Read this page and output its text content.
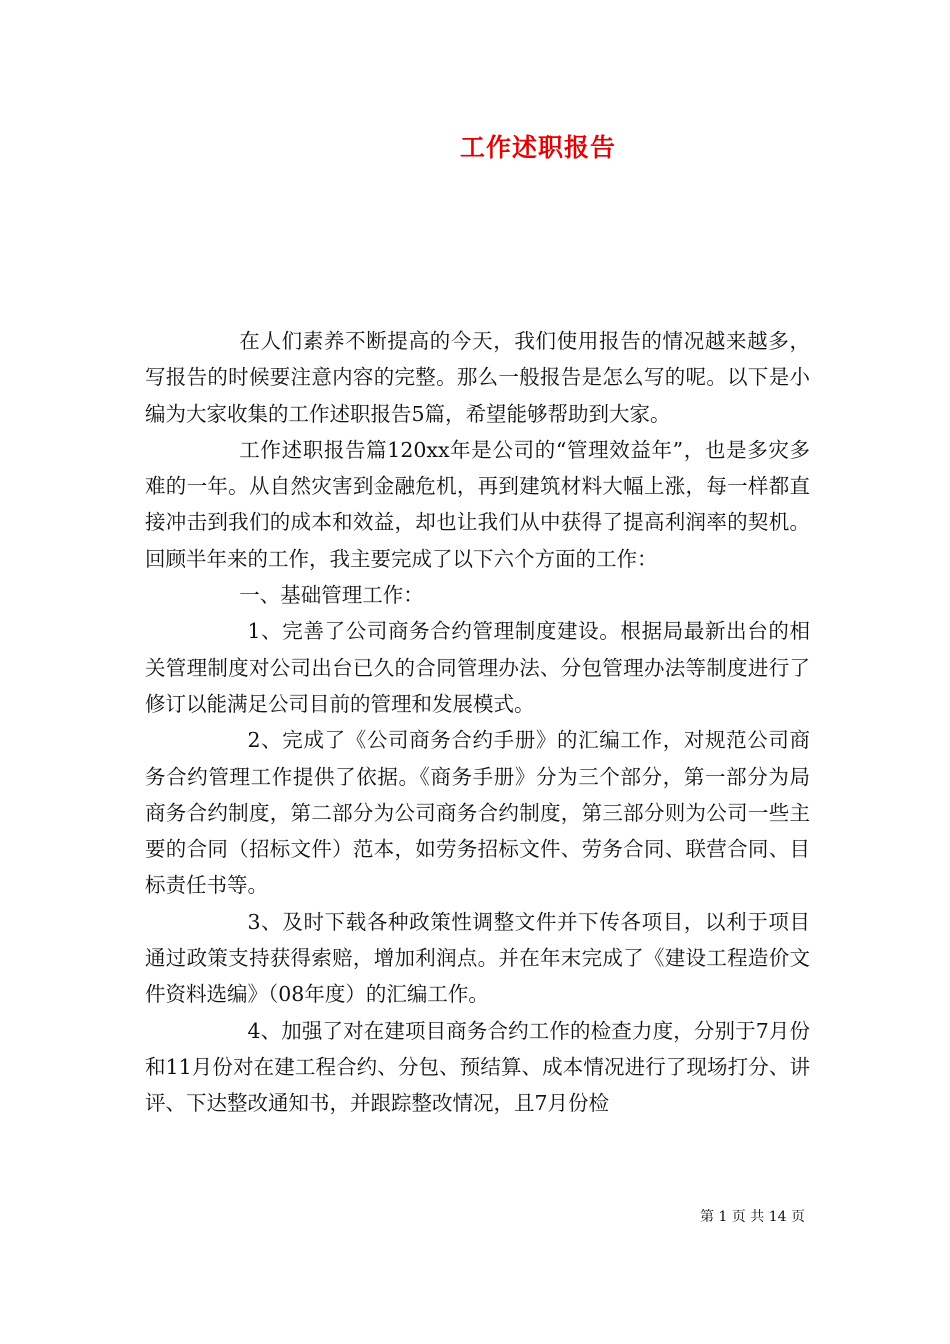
工作述职报告

在人们素养不断提高的今天，我们使用报告的情况越来越多，写报告的时候要注意内容的完整。那么一般报告是怎么写的呢。以下是小编为大家收集的工作述职报告5篇，希望能够帮助到大家。

工作述职报告篇120xx年是公司的“管理效益年”，也是多灾多难的一年。从自然灾害到金融危机，再到建筑材料大幅上涨，每一样都直接冲击到我们的成本和效益，却也让我们从中获得了提高利润率的契机。回顾半年来的工作，我主要完成了以下六个方面的工作：

一、基础管理工作：

1、完善了公司商务合约管理制度建设。根据局最新出台的相关管理制度对公司出台已久的合同管理办法、分包管理办法等制度进行了修订以能满足公司目前的管理和发展模式。

2、完成了《公司商务合约手册》的汇编工作，对规范公司商务合约管理工作提供了依据。《商务手册》分为三个部分，第一部分为局商务合约制度，第二部分为公司商务合约制度，第三部分则为公司一些主要的合同（招标文件）范本，如劳务招标文件、劳务合同、联营合同、目标责任书等。

3、及时下载各种政策性调整文件并下传各项目，以利于项目通过政策支持获得索赔，增加利润点。并在年末完成了《建设工程造价文件资料选编》（08年度）的汇编工作。

4、加强了对在建项目商务合约工作的检查力度，分别于7月份和11月份对在建工程合约、分包、预结算、成本情况进行了现场打分、讲评、下达整改通知书，并跟踪整改情况，且7月份检

第 1 页 共 14 页
